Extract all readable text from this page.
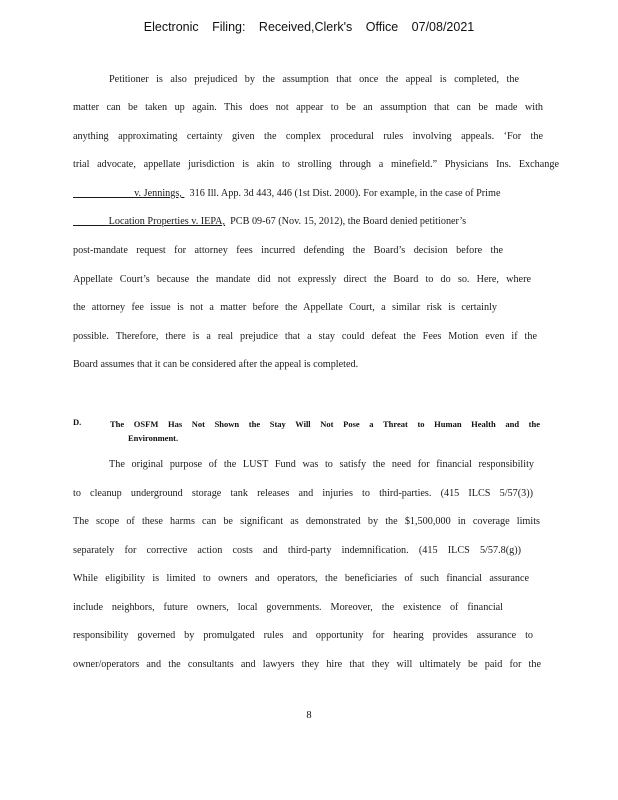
Electronic Filing: Received,Clerk's Office 07/08/2021
Petitioner is also prejudiced by the assumption that once the appeal is completed, the
matter can be taken up again. This does not appear to be an assumption that can be made with
anything approximating certainty given the complex procedural rules involving appeals. ‘For the
trial advocate, appellate jurisdiction is akin to strolling through a minefield.” Physicians Ins. Exchange
v. Jennings, 316 Ill. App. 3d 443, 446 (1st Dist. 2000). For example, in the case of Prime
Location Properties v. IEPA, PCB 09-67 (Nov. 15, 2012), the Board denied petitioner’s
post-mandate request for attorney fees incurred defending the Board’s decision before the
Appellate Court’s because the mandate did not expressly direct the Board to do so. Here, where
the attorney fee issue is not a matter before the Appellate Court, a similar risk is certainly
possible. Therefore, there is a real prejudice that a stay could defeat the Fees Motion even if the
Board assumes that it can be considered after the appeal is completed.
D.	The OSFM Has Not Shown the Stay Will Not Pose a Threat to Human Health and the
Environment.
The original purpose of the LUST Fund was to satisfy the need for financial responsibility
to cleanup underground storage tank releases and injuries to third-parties. (415 ILCS 5/57(3))
The scope of these harms can be significant as demonstrated by the $1,500,000 in coverage limits
separately for corrective action costs and third-party indemnification. (415 ILCS 5/57.8(g))
While eligibility is limited to owners and operators, the beneficiaries of such financial assurance
include neighbors, future owners, local governments. Moreover, the existence of financial
responsibility governed by promulgated rules and opportunity for hearing provides assurance to
owner/operators and the consultants and lawyers they hire that they will ultimately be paid for the
8
